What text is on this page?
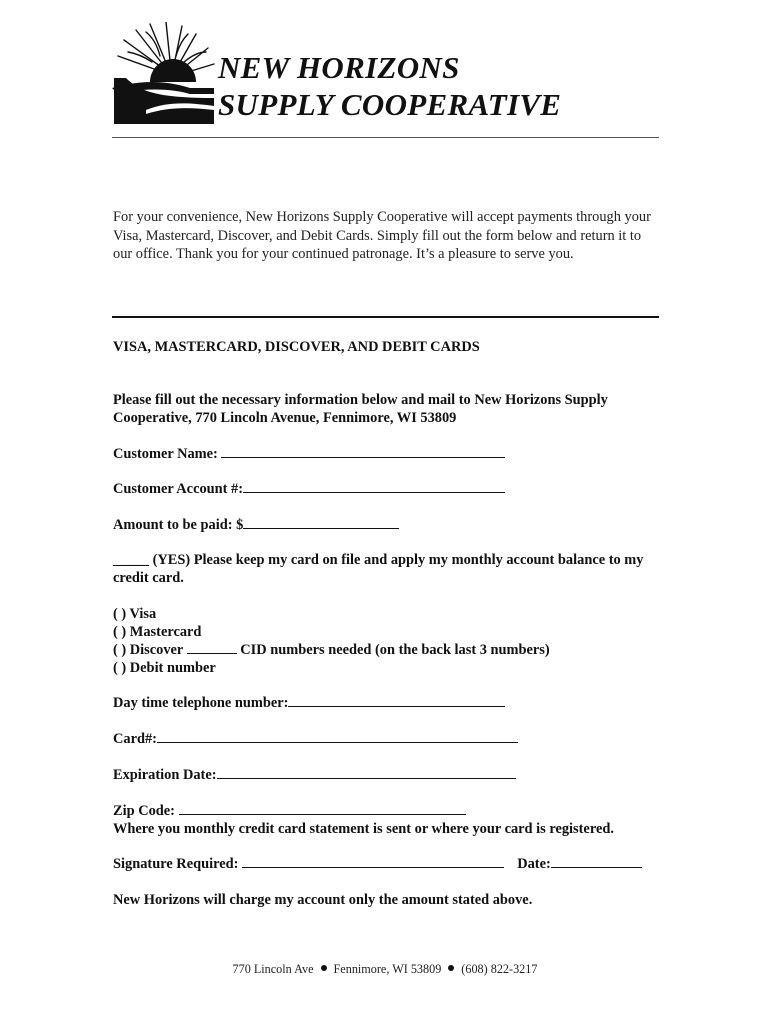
NEW HORIZONS
SUPPLY COOPERATIVE
For your convenience, New Horizons Supply Cooperative will accept payments through your Visa, Mastercard, Discover, and Debit Cards. Simply fill out the form below and return it to our office. Thank you for your continued patronage. It’s a pleasure to serve you.
VISA, MASTERCARD, DISCOVER, AND DEBIT CARDS
Please fill out the necessary information below and mail to New Horizons Supply Cooperative, 770 Lincoln Avenue, Fennimore, WI 53809
Customer Name:
Customer Account #:
Amount to be paid: $
_____ (YES) Please keep my card on file and apply my monthly account balance to my credit card.
( ) Visa
( ) Mastercard
( ) Discover	CID numbers needed (on the back last 3 numbers)
( ) Debit number
Day time telephone number:
Card#:
Expiration Date:
Zip Code:
Where you monthly credit card statement is sent or where your card is registered.
Signature Required:	Date:
New Horizons will charge my account only the amount stated above.
770 Lincoln Ave Fennimore, WI 53809 (608) 822-3217
